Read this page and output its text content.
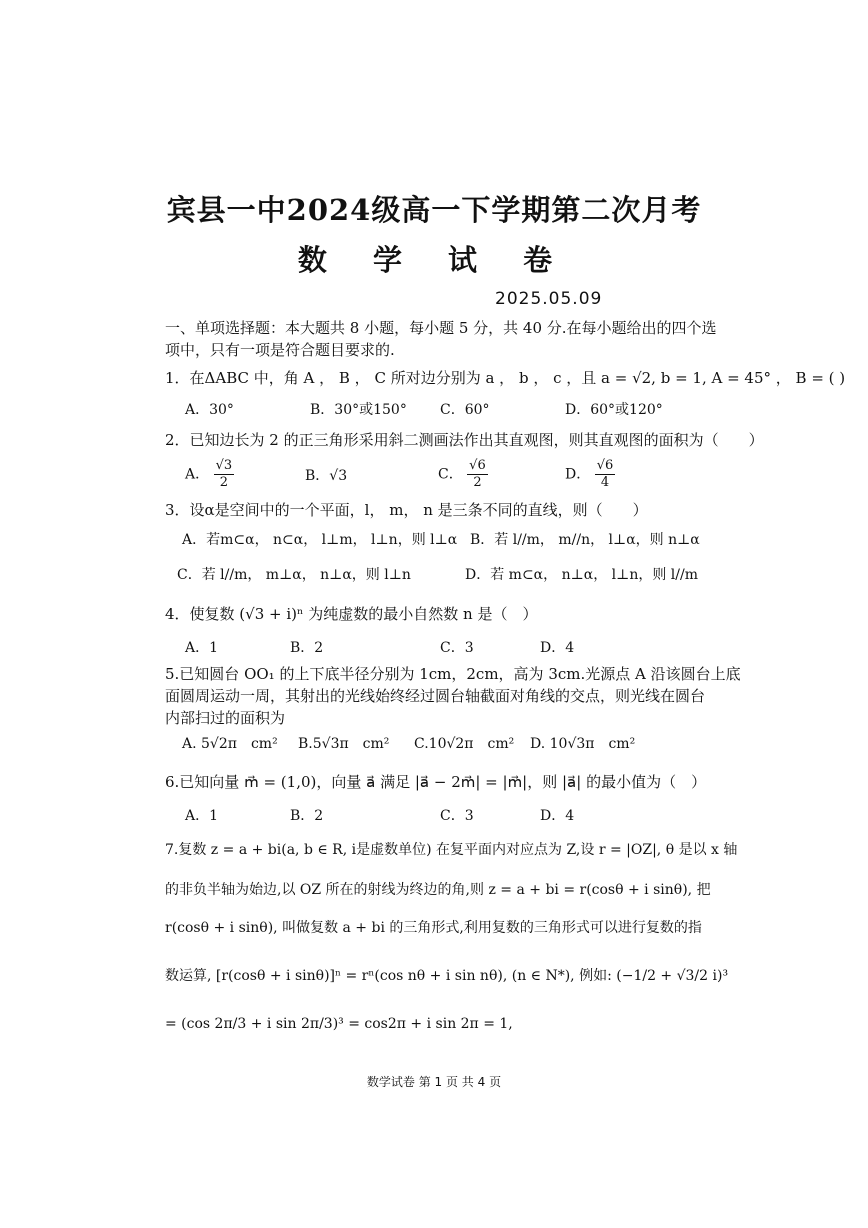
宾县一中2024级高一下学期第二次月考
数 学 试 卷
2025.05.09
一、单项选择题：本大题共 8 小题，每小题 5 分，共 40 分.在每小题给出的四个选
项中，只有一项是符合题目要求的.
1．在ΔABC 中，角 A ， B ， C 所对边分别为 a ， b ， c ，且 a = √2, b = 1, A = 45° ， B = ( )
A．30°	B．30°或150° C．60°	D．60°或120°
2．已知边长为 2 的正三角形采用斜二测画法作出其直观图，则其直观图的面积为（　　）
A． $\frac{√3}{2}$	B．√3	C． $\frac{√6}{2}$	D． $\frac{√6}{4}$
3．设α是空间中的一个平面，l， m， n 是三条不同的直线，则（　　）
A．若m⊂α， n⊂α， l⊥m， l⊥n，则 l⊥α B．若 l//m， m//n， l⊥α，则 n⊥α
C．若 l//m， m⊥α， n⊥α，则 l⊥n	D．若 m⊂α， n⊥α， l⊥n，则 l//m
4．使复数 (√3 + i)ⁿ 为纯虚数的最小自然数 n 是（　）
A．1	B．2	C．3	D．4
5.已知圆台 OO₁ 的上下底半径分别为 1cm，2cm，高为 3cm.光源点 A 沿该圆台上底
面圆周运动一周，其射出的光线始终经过圆台轴截面对角线的交点，则光线在圆台
内部扫过的面积为
A. 5√2π　cm² B.5√3π　cm² C.10√2π　cm² D. 10√3π　cm²
6.已知向量 m⃗ = (1,0)，向量 a⃗ 满足 |a⃗ − 2m⃗| = |m⃗|，则 |a⃗| 的最小值为（　）
A．1	B．2	C．3	D．4
7.复数 z = a + bi(a, b ∈ R, i是虚数单位) 在复平面内对应点为 Z,设 r = |OZ|, θ 是以 x 轴
的非负半轴为始边,以 OZ 所在的射线为终边的角,则 z = a + bi = r(cosθ + i sinθ), 把
r(cosθ + i sinθ), 叫做复数 a + bi 的三角形式,利用复数的三角形式可以进行复数的指
数运算, [r(cosθ + i sinθ)]ⁿ = rⁿ(cos nθ + i sin nθ), (n ∈ N*), 例如: (−1/2 + √3/2 i)³
= (cos 2π/3 + i sin 2π/3)³ = cos2π + i sin 2π = 1,
数学试卷 第 1 页 共 4 页
